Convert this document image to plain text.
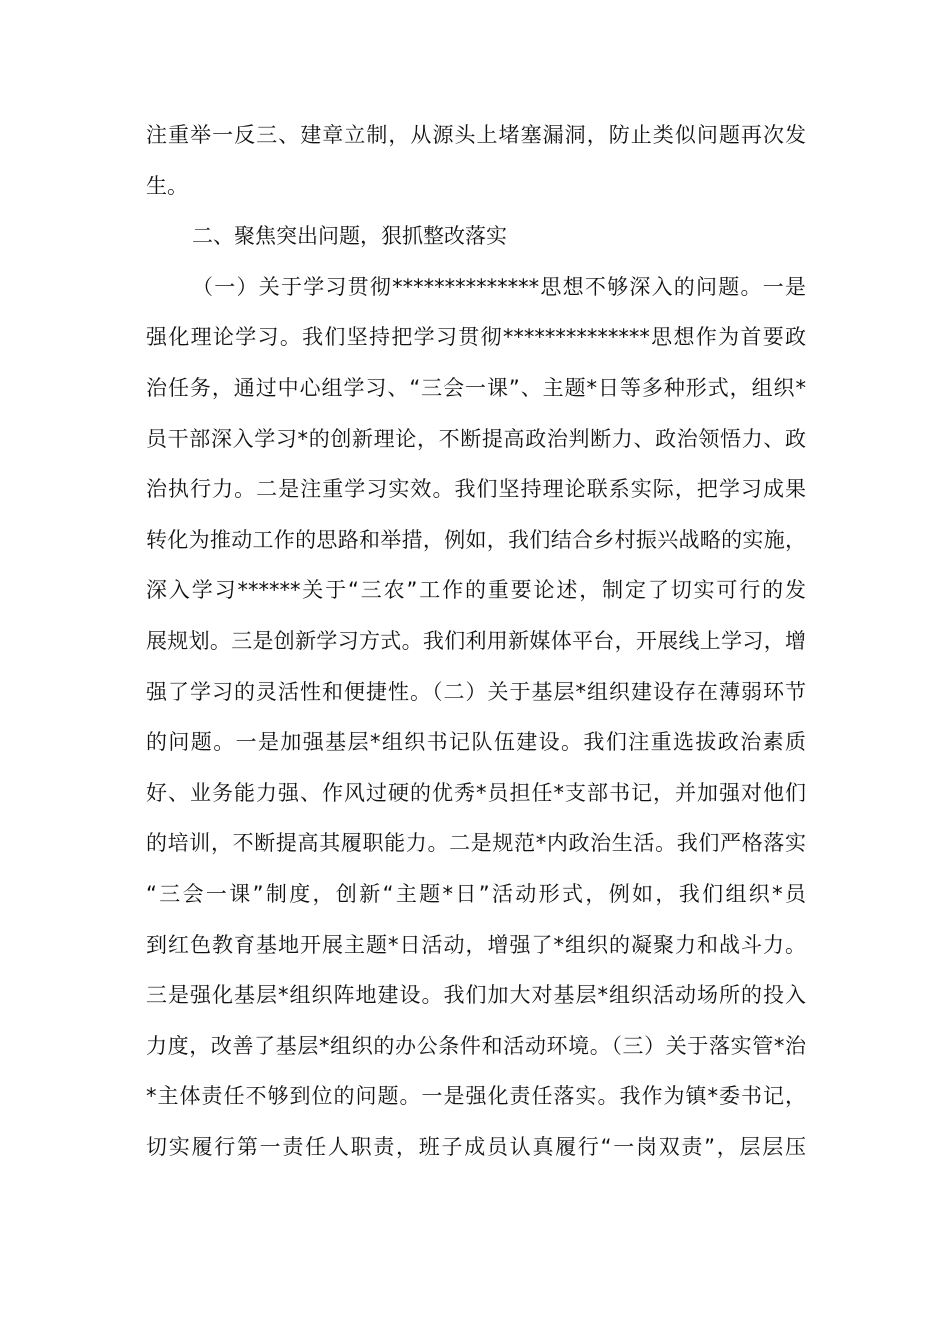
注重举一反三、建章立制，从源头上堵塞漏洞，防止类似问题再次发
生。
二、聚焦突出问题，狠抓整改落实
（一）关于学习贯彻**************思想不够深入的问题。一是
强化理论学习。我们坚持把学习贯彻**************思想作为首要政
治任务，通过中心组学习、“三会一课”、主题*日等多种形式，组织*
员干部深入学习*的创新理论，不断提高政治判断力、政治领悟力、政
治执行力。二是注重学习实效。我们坚持理论联系实际，把学习成果
转化为推动工作的思路和举措，例如，我们结合乡村振兴战略的实施，
深入学习******关于“三农”工作的重要论述，制定了切实可行的发
展规划。三是创新学习方式。我们利用新媒体平台，开展线上学习，增
强了学习的灵活性和便捷性。（二）关于基层*组织建设存在薄弱环节
的问题。一是加强基层*组织书记队伍建设。我们注重选拔政治素质
好、业务能力强、作风过硬的优秀*员担任*支部书记，并加强对他们
的培训，不断提高其履职能力。二是规范*内政治生活。我们严格落实
“三会一课”制度，创新“主题*日”活动形式，例如，我们组织*员
到红色教育基地开展主题*日活动，增强了*组织的凝聚力和战斗力。
三是强化基层*组织阵地建设。我们加大对基层*组织活动场所的投入
力度，改善了基层*组织的办公条件和活动环境。（三）关于落实管*治
*主体责任不够到位的问题。一是强化责任落实。我作为镇*委书记，
切实履行第一责任人职责，班子成员认真履行“一岗双责”，层层压
